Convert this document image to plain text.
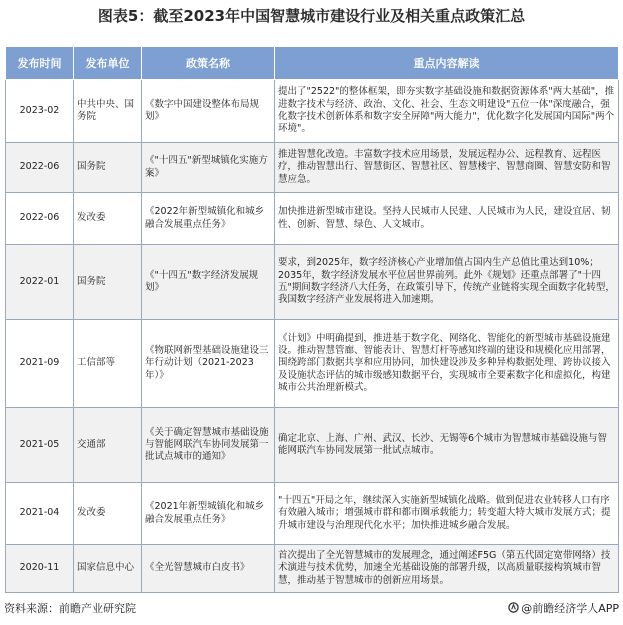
图表5：截至2023年中国智慧城市建设行业及相关重点政策汇总
发布时间	发布单位	政策名称	重点内容解读
2023-02	中共中央、国务院	《数字中国建设整体布局规划》	提出了"2522"的整体框架，即夯实数字基础设施和数据资源体系"两大基础"，推进数字技术与经济、政治、文化、社会、生态文明建设"五位一体"深度融合，强化数字技术创新体系和数字安全屏障"两大能力"，优化数字化发展国内国际"两个环境"。
2022-06	国务院	《"十四五"新型城镇化实施方案》	推进智慧化改造。丰富数字技术应用场景，发展远程办公、远程教育、远程医疗，推动智慧出行、智慧街区、智慧社区、智慧楼宇、智慧商圈、智慧安防和智慧应急。
2022-06	发改委	《2022年新型城镇化和城乡融合发展重点任务》	加快推进新型城市建设。坚持人民城市人民建、人民城市为人民，建设宜居、韧性、创新、智慧、绿色、人文城市。
2022-01	国务院	《"十四五"数字经济发展规划》	要求，到2025年，数字经济核心产业增加值占国内生产总值比重达到10%；2035年，数字经济发展水平位居世界前列。此外《规划》还重点部署了"十四五"期间数字经济八大任务，在政策引导下，传统产业链将实现全面数字化转型，我国数字经济产业发展将进入加速期。
2021-09	工信部等	《物联网新型基础设施建设三年行动计划（2021-2023年）》	《计划》中明确提到，推进基于数字化、网络化、智能化的新型城市基础设施建设。推动智慧管廊、智能表计、智慧灯杆等感知终端的建设和规模化应用部署，围绕跨部门数据共享和应用协同，加快建设涉及多种异构数据处理、跨协议接入及设施状态评估的城市级感知数据平台，实现城市全要素数字化和虚拟化，构建城市公共治理新模式。
2021-05	交通部	《关于确定智慧城市基础设施与智能网联汽车协同发展第一批试点城市的通知》	确定北京、上海、广州、武汉、长沙、无锡等6个城市为智慧城市基础设施与智能网联汽车协同发展第一批试点城市。
2021-04	发改委	《2021年新型城镇化和城乡融合发展重点任务》	"十四五"开局之年，继续深入实施新型城镇化战略。做到促进农业转移人口有序有效融入城市；增强城市群和都市圈承载能力；转变超大特大城市发展方式；提升城市建设与治理现代化水平；加快推进城乡融合发展。
2020-11	国家信息中心	《全光智慧城市白皮书》	首次提出了全光智慧城市的发展理念，通过阐述F5G（第五代固定宽带网络）技术演进与技术优势，加速全光基础设施的部署升级，以高质量联接构筑城市智慧，推动基于智慧城市的创新应用场景。
资料来源：前瞻产业研究院	@前瞻经济学人APP
